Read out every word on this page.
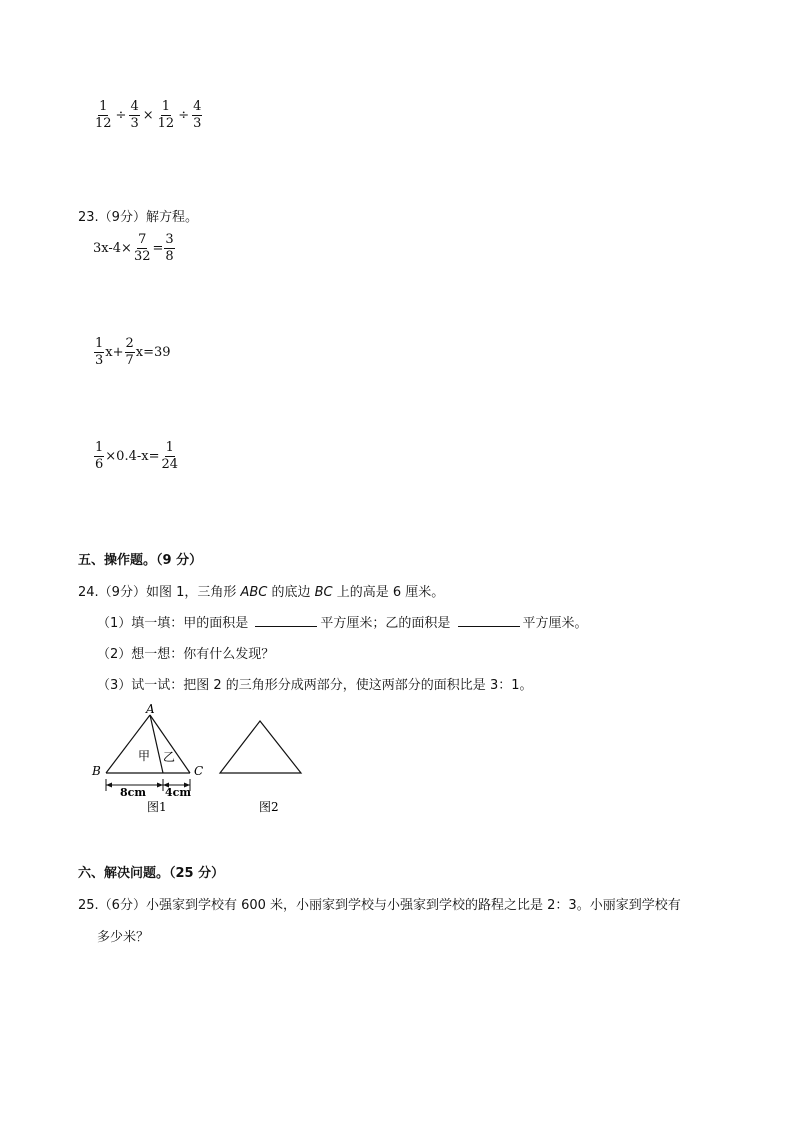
$\frac{1}{12} \div \frac{4}{3} \times \frac{1}{12} \div \frac{4}{3}$
23.（9分）解方程。
$3x-4\times \frac{7}{32} = \frac{3}{8}$
$\frac{1}{3} x+ \frac{2}{7} x=39$
$\frac{1}{6} \times 0.4-x= \frac{1}{24}$
五、操作题。（9 分）
24.（9分）如图 1，三角形 ABC 的底边 BC 上的高是 6 厘米。
（1）填一填：甲的面积是	平方厘米；乙的面积是	平方厘米。
（2）想一想：你有什么发现？
（3）试一试：把图 2 的三角形分成两部分，使这两部分的面积比是 3：1。
A
B	C
甲 乙
8cm 4cm
图1	图2
六、解决问题。（25 分）
25.（6分）小强家到学校有 600 米，小丽家到学校与小强家到学校的路程之比是 2：3。小丽家到学校有
多少米？
